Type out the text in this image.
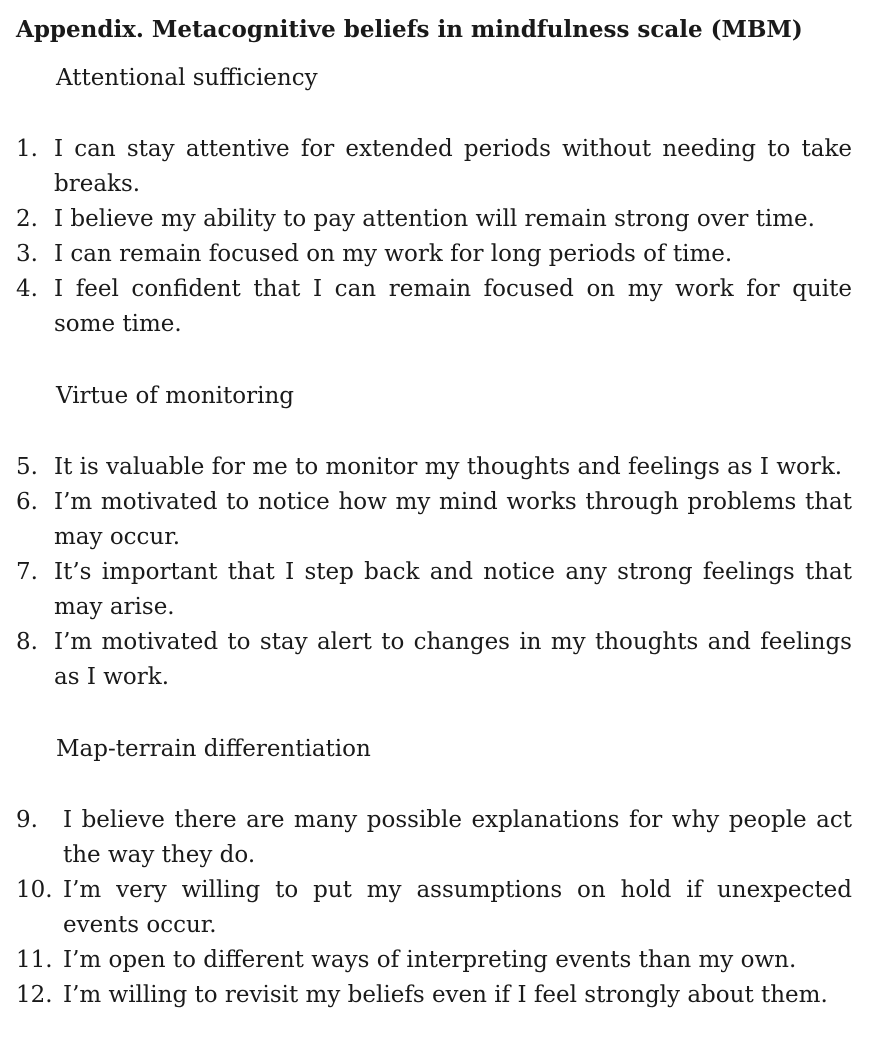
Appendix. Metacognitive beliefs in mindfulness scale (MBM)

Attentional sufficiency

1. I can stay attentive for extended periods without needing to take breaks.
2. I believe my ability to pay attention will remain strong over time.
3. I can remain focused on my work for long periods of time.
4. I feel confident that I can remain focused on my work for quite some time.

Virtue of monitoring

5. It is valuable for me to monitor my thoughts and feelings as I work.
6. I’m motivated to notice how my mind works through problems that may occur.
7. It’s important that I step back and notice any strong feelings that may arise.
8. I’m motivated to stay alert to changes in my thoughts and feelings as I work.

Map-terrain differentiation

9.	I believe there are many possible explanations for why people act the way they do.
10. I’m very willing to put my assumptions on hold if unexpected events occur.
11. I’m open to different ways of interpreting events than my own.
12. I’m willing to revisit my beliefs even if I feel strongly about them.
